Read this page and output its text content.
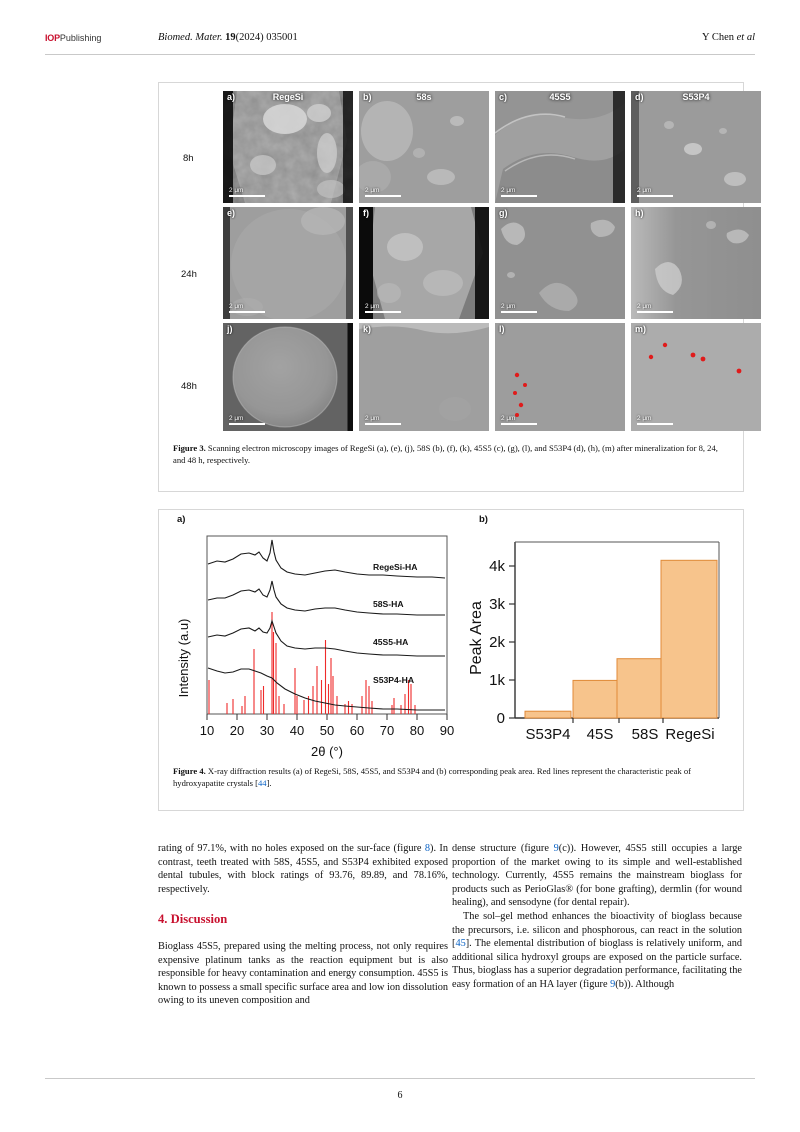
IOPPublishing	Biomed. Mater. 19(2024) 035001	Y Chen et al
8h
24h
48h
a)	RegeSi
2 μm
b)	58s
2 μm
c)	45S5
2 μm
d)	S53P4
2 μm
e)
2 μm
f)
2 μm
g)
2 μm
h)
2 μm
j)
2 μm
k)
2 μm
l)
2 μm
m)
2 μm
Figure 3. Scanning electron microscopy images of RegeSi (a), (e), (j), 58S (b), (f), (k), 45S5 (c), (g), (l), and S53P4 (d), (h), (m) after mineralization for 8, 24, and 48 h, respectively.
a)
Intensity (a.u)
RegeSi-HA
58S-HA
45S5-HA
S53P4-HA
10 20 30 40 50 60 70 80 90
2θ (°)
b)
Peak Area
0
1k
2k
3k
4k
S53P4 45S 58S RegeSi
Figure 4. X-ray diffraction results (a) of RegeSi, 58S, 45S5, and S53P4 and (b) corresponding peak area. Red lines represent the characteristic peak of hydroxyapatite crystals [44].

rating of 97.1%, with no holes exposed on the sur-face (figure 8). In contrast, teeth treated with 58S, 45S5, and S53P4 exhibited exposed dental tubules, with block ratings of 93.76, 89.89, and 78.16%, respectively.

4. Discussion

Bioglass 45S5, prepared using the melting process, not only requires expensive platinum tanks as the reaction equipment but is also responsible for heavy contamination and energy consumption. 45S5 is known to possess a small specific surface area and low ion dissolution owing to its uneven composition and

dense structure (figure 9(c)). However, 45S5 still occupies a large proportion of the market owing to its simple and well-established technology. Currently, 45S5 remains the mainstream bioglass for products such as PerioGlas® (for bone grafting), dermlin (for wound healing), and sensodyne (for dental repair).

The sol–gel method enhances the bioactivity of bioglass because the precursors, i.e. silicon and phosphorous, can react in the solution [45]. The elemental distribution of bioglass is relatively uniform, and additional silica hydroxyl groups are exposed on the particle surface. Thus, bioglass has a superior degradation performance, facilitating the easy formation of an HA layer (figure 9(b)). Although

6
